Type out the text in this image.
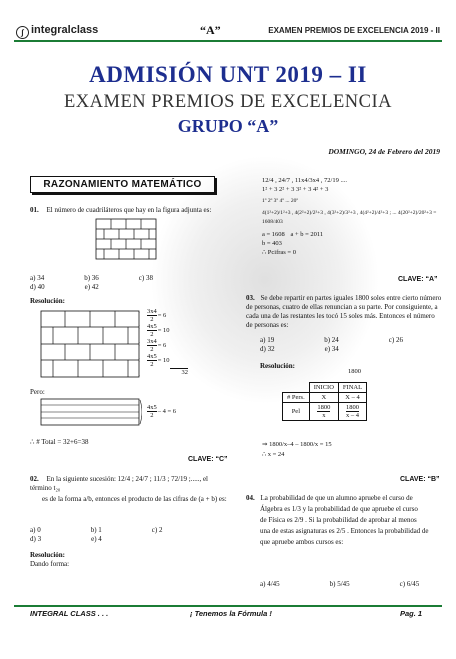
∫ integralclass	“A”	EXAMEN PREMIOS DE EXCELENCIA 2019 - II
ADMISIÓN UNT 2019 – II
EXAMEN PREMIOS DE EXCELENCIA
GRUPO “A”
DOMINGO, 24 de Febrero del 2019
RAZONAMIENTO MATEMÁTICO
01. El número de cuadriláteros que hay en la figura adjunta es:
a) 34	b) 36	c) 38
d) 40	e) 42
Resolución:
$\frac{3x4}{2} = 6$
$\frac{4x5}{2} = 10$
$\frac{3x4}{2} = 6$
$\frac{4x5}{2} = 10$
32
Pero:
$\frac{4x5}{2} - 4 = 6$
∴ # Total = 32+6=38
CLAVE: “C”
02. En la siguiente sucesión: 12/4 ; 24/7 ; 11/3 ; 72/19 ;....., el término t₂₀
es de la forma a/b, entonces el producto de las cifras de (a + b) es:
a) 0	b) 1	c) 2
d) 3	e) 4
Resolución:
Dando forma:
12/4 , 24/7 , 11x4/3x4 , 72/19 ....
1² + 3 2² + 3 3² + 3 4² + 3
1º 2º 3º 4º ... 20º
4(1²+2)/1²+3 , 4(2²+2)/2²+3 , 4(3²+2)/3²+3 , 4(4²+2)/4²+3 ; ... 4(20²+2)/20²+3 = 1608/403
a = 1608 a + b = 2011
b = 403
∴ Pcifras = 0
CLAVE: “A”
03. Se debe repartir en partes iguales 1800 soles entre cierto número de personas, cuatro de ellas renuncian a su parte. Por consiguiente, a cada una de las restantes les tocó 15 soles más. Entonces el número de personas es:
a) 19	b) 24	c) 26
d) 32	e) 34
Resolución:
1800
	INICIO	FINAL
# Pers.	X	X – 4
Pel	$\frac{1800}{x}$	$\frac{1800}{x - 4}$
⇒ 1800/x–4 – 1800/x = 15
∴ x = 24
CLAVE: “B”
04. La probabilidad de que un alumno apruebe el curso de
Álgebra es 1/3 y la probabilidad de que apruebe el curso
de Física es 2/9 . Si la probabilidad de aprobar al menos
una de estas asignaturas es 2/5 . Entonces la probabilidad de
que apruebe ambos cursos es:
a) 4/45	b) 5/45	c) 6/45
INTEGRAL CLASS . . .	¡ Tenemos la Fórmula !	Pag. 1
